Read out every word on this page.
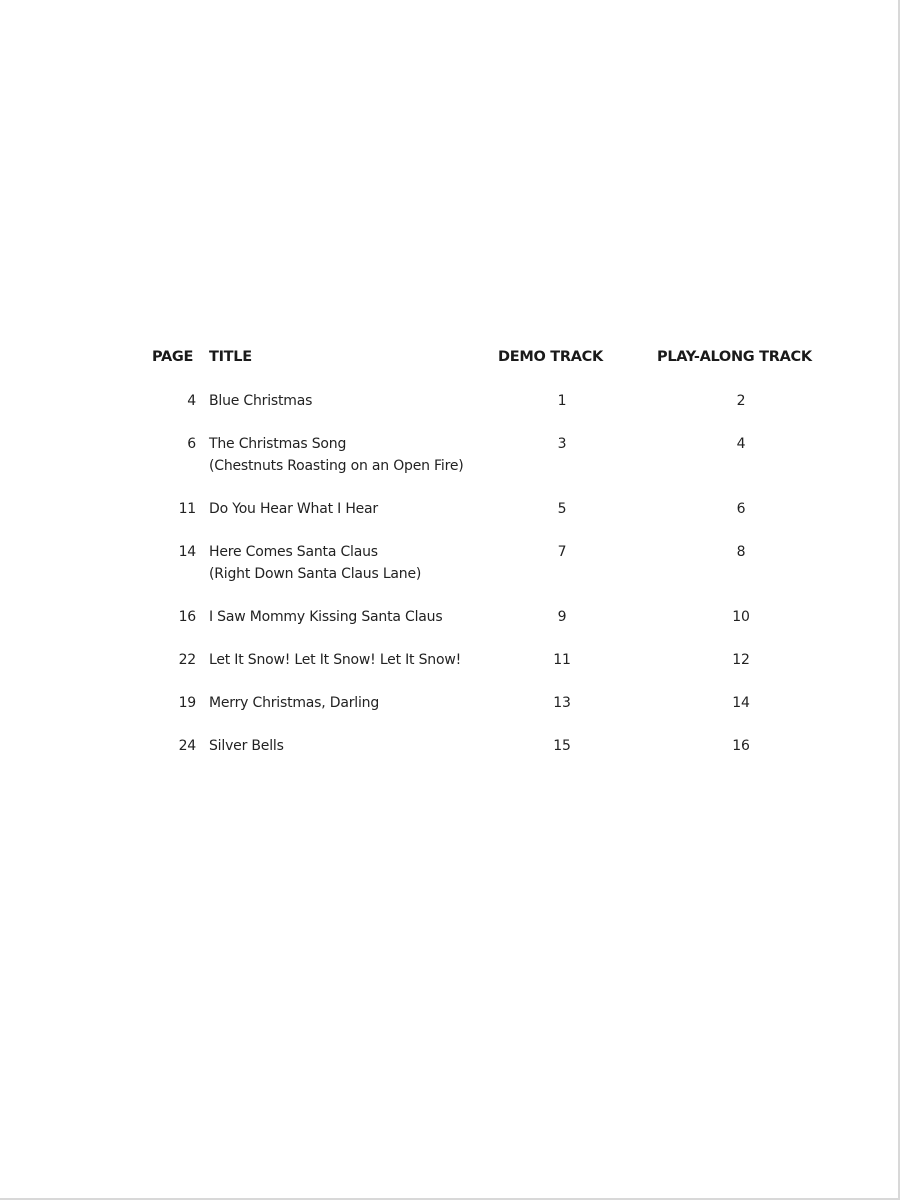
PAGE TITLE	DEMO TRACK	PLAY-ALONG TRACK
4 Blue Christmas	1	2
6 The Christmas Song
(Chestnuts Roasting on an Open Fire)
3	4
11 Do You Hear What I Hear	5	6
14 Here Comes Santa Claus
(Right Down Santa Claus Lane)
7	8
16 I Saw Mommy Kissing Santa Claus	9	10
22 Let It Snow! Let It Snow! Let It Snow!	11	12
19 Merry Christmas, Darling	13	14
24 Silver Bells	15	16
